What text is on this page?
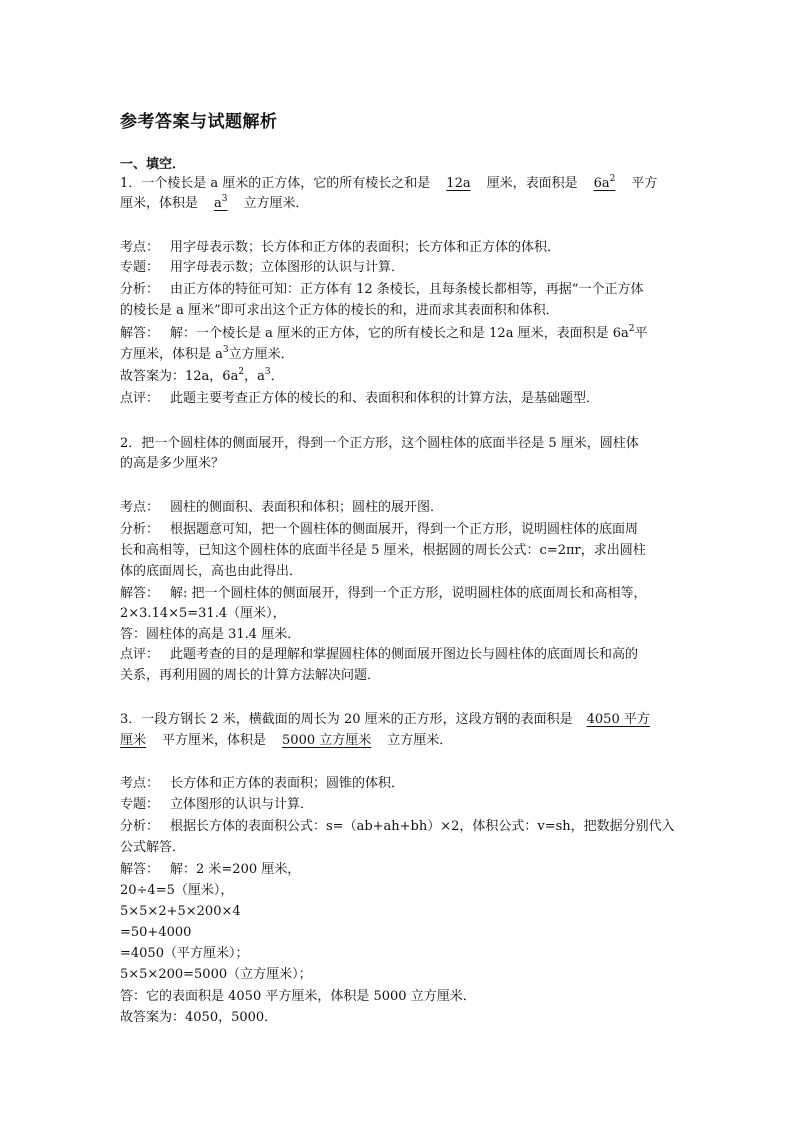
参考答案与试题解析
一、填空．
1．一个棱长是 a 厘米的正方体，它的所有棱长之和是 12a 厘米，表面积是 $6a^2$ 平方
厘米，体积是 $a^3$ 立方厘米．
考点： 用字母表示数；长方体和正方体的表面积；长方体和正方体的体积．
专题： 用字母表示数；立体图形的认识与计算．
分析： 由正方体的特征可知：正方体有 12 条棱长，且每条棱长都相等，再据“一个正方体
的棱长是 a 厘米”即可求出这个正方体的棱长的和，进而求其表面积和体积．
解答： 解：一个棱长是 a 厘米的正方体，它的所有棱长之和是 12a 厘米，表面积是 $6a^2$平
方厘米，体积是 $a^3$立方厘米．
故答案为：12a，$6a^2$，$a^3$．
点评： 此题主要考查正方体的棱长的和、表面积和体积的计算方法，是基础题型．
2．把一个圆柱体的侧面展开，得到一个正方形，这个圆柱体的底面半径是 5 厘米，圆柱体
的高是多少厘米？
考点： 圆柱的侧面积、表面积和体积；圆柱的展开图．
分析： 根据题意可知，把一个圆柱体的侧面展开，得到一个正方形，说明圆柱体的底面周
长和高相等，已知这个圆柱体的底面半径是 5 厘米，根据圆的周长公式：c=2πr，求出圆柱
体的底面周长，高也由此得出．
解答： 解: 把一个圆柱体的侧面展开，得到一个正方形，说明圆柱体的底面周长和高相等，
2×3.14×5=31.4（厘米），
答：圆柱体的高是 31.4 厘米．
点评： 此题考查的目的是理解和掌握圆柱体的侧面展开图边长与圆柱体的底面周长和高的
关系，再利用圆的周长的计算方法解决问题．
3．一段方钢长 2 米，横截面的周长为 20 厘米的正方形，这段方钢的表面积是 4050 平方
厘米 平方厘米，体积是 5000 立方厘米 立方厘米．
考点： 长方体和正方体的表面积；圆锥的体积．
专题： 立体图形的认识与计算．
分析： 根据长方体的表面积公式：s=（ab+ah+bh）×2，体积公式：v=sh，把数据分别代入
公式解答．
解答： 解：2 米=200 厘米，
20÷4=5（厘米），
5×5×2+5×200×4
=50+4000
=4050（平方厘米）；
5×5×200=5000（立方厘米）；
答：它的表面积是 4050 平方厘米，体积是 5000 立方厘米．
故答案为：4050，5000．
